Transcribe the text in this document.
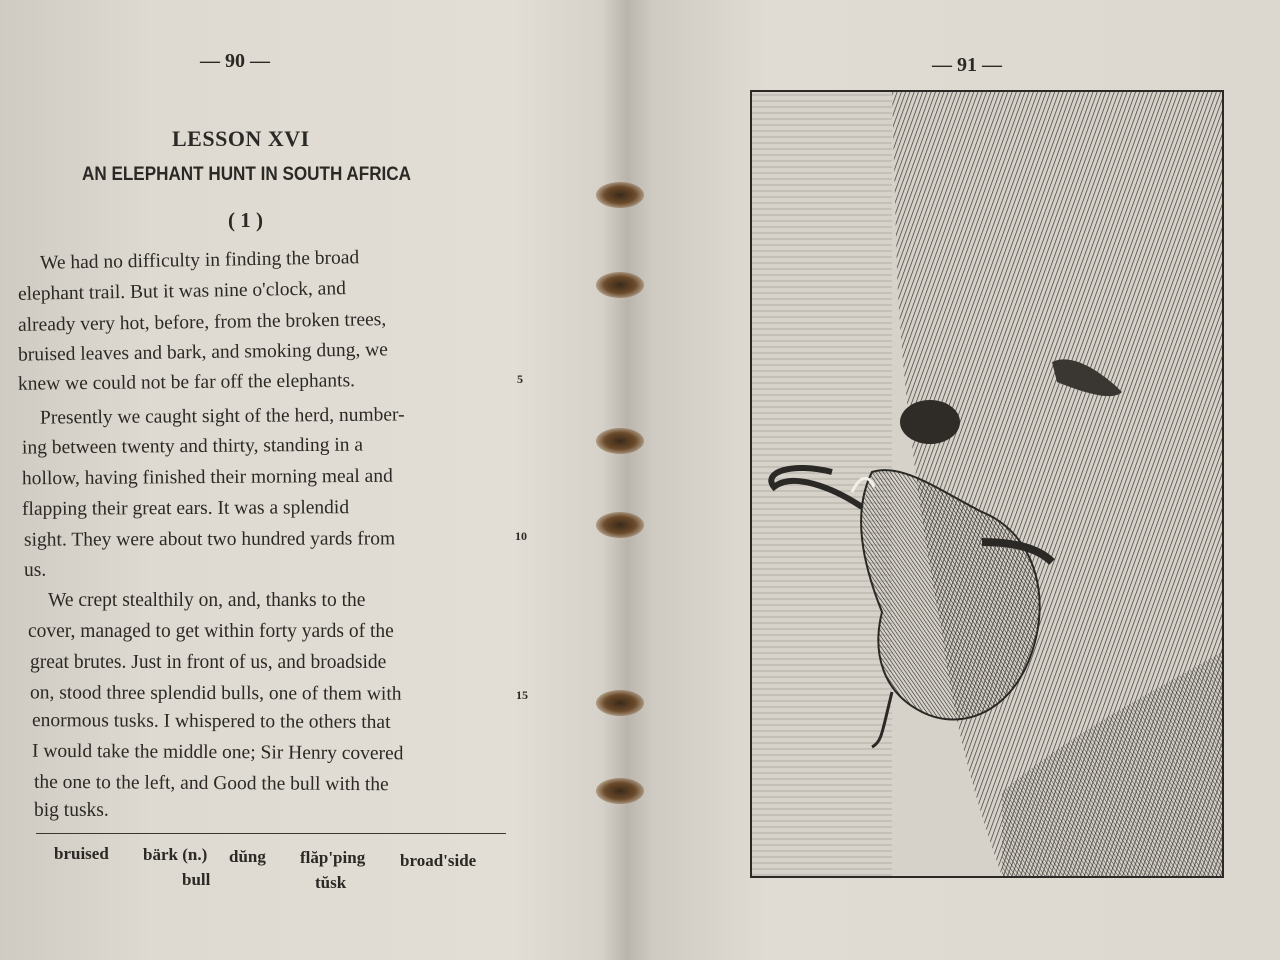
— 90 —
LESSON XVI
AN ELEPHANT HUNT IN SOUTH AFRICA
( 1 )
We had no difficulty in finding the broad
elephant trail. But it was nine o'clock, and
already very hot, before, from the broken trees,
bruised leaves and bark, and smoking dung, we
knew we could not be far off the elephants.
Presently we caught sight of the herd, number-
ing between twenty and thirty, standing in a
hollow, having finished their morning meal and
flapping their great ears. It was a splendid
sight. They were about two hundred yards from
us.
We crept stealthily on, and, thanks to the
cover, managed to get within forty yards of the
great brutes. Just in front of us, and broadside
on, stood three splendid bulls, one of them with
enormous tusks. I whispered to the others that
I would take the middle one; Sir Henry covered
the one to the left, and Good the bull with the
big tusks.
5
10
15
bruised bärk (n.) dŭng flăp'ping broad'side
bull	tŭsk
— 91 —
